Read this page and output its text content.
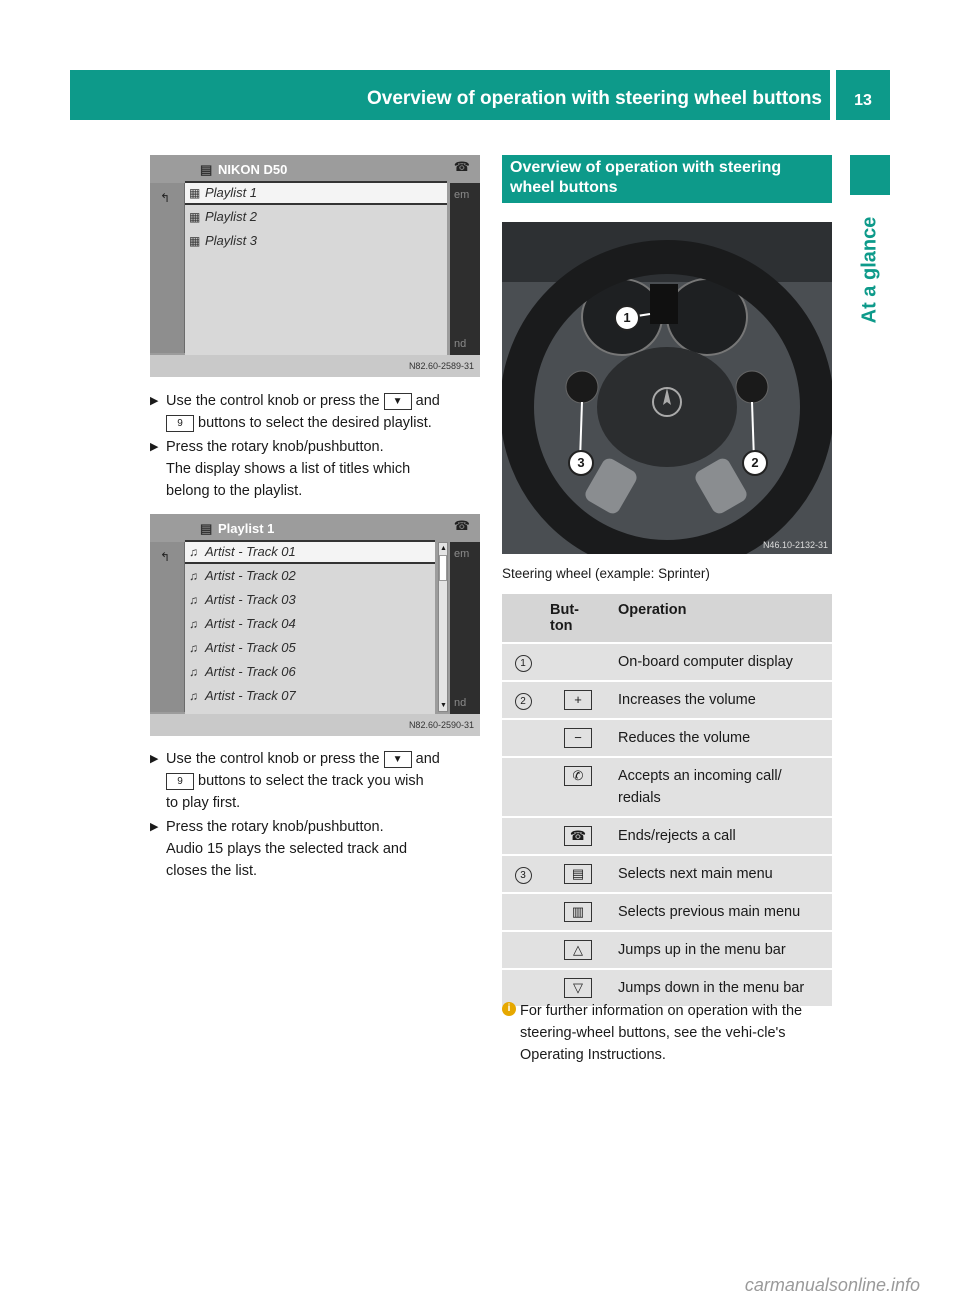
Overview of operation with steering wheel buttons	13
At a glance
▤ NIKON D50	☎
↰ ▦ Playlist 1
▦ Playlist 2
▦ Playlist 3
em
nd
N82.60-2589-31
▶ Use the control knob or press the ▼ and
9 buttons to select the desired playlist.
▶ Press the rotary knob/pushbutton.

The display shows a list of titles which

belong to the playlist.

▤ Playlist 1	☎
↰ ♫ Artist - Track 01
♫ Artist - Track 02
♫ Artist - Track 03
♫ Artist - Track 04
♫ Artist - Track 05
♫ Artist - Track 06
♫ Artist - Track 07
▲
▼
em
nd
N82.60-2590-31
▶ Use the control knob or press the ▼ and
9 buttons to select the track you wish
to play first.
▶ Press the rotary knob/pushbutton.

Audio 15 plays the selected track and

closes the list.

Overview of operation with steering wheel buttons
1
2
3
N46.10-2132-31
Steering wheel (example: Sprinter)
	But-
ton	Operation
1		On-board computer display
2	+	Increases the volume
	−	Reduces the volume
	✆	Accepts an incoming call/ redials
	☎	Ends/rejects a call
3	▤	Selects next main menu
	▥	Selects previous main menu
	△	Jumps up in the menu bar
	▽	Jumps down in the menu bar
i For further information on operation with the steering-wheel buttons, see the vehi-cle's Operating Instructions.
carmanualsonline.info
